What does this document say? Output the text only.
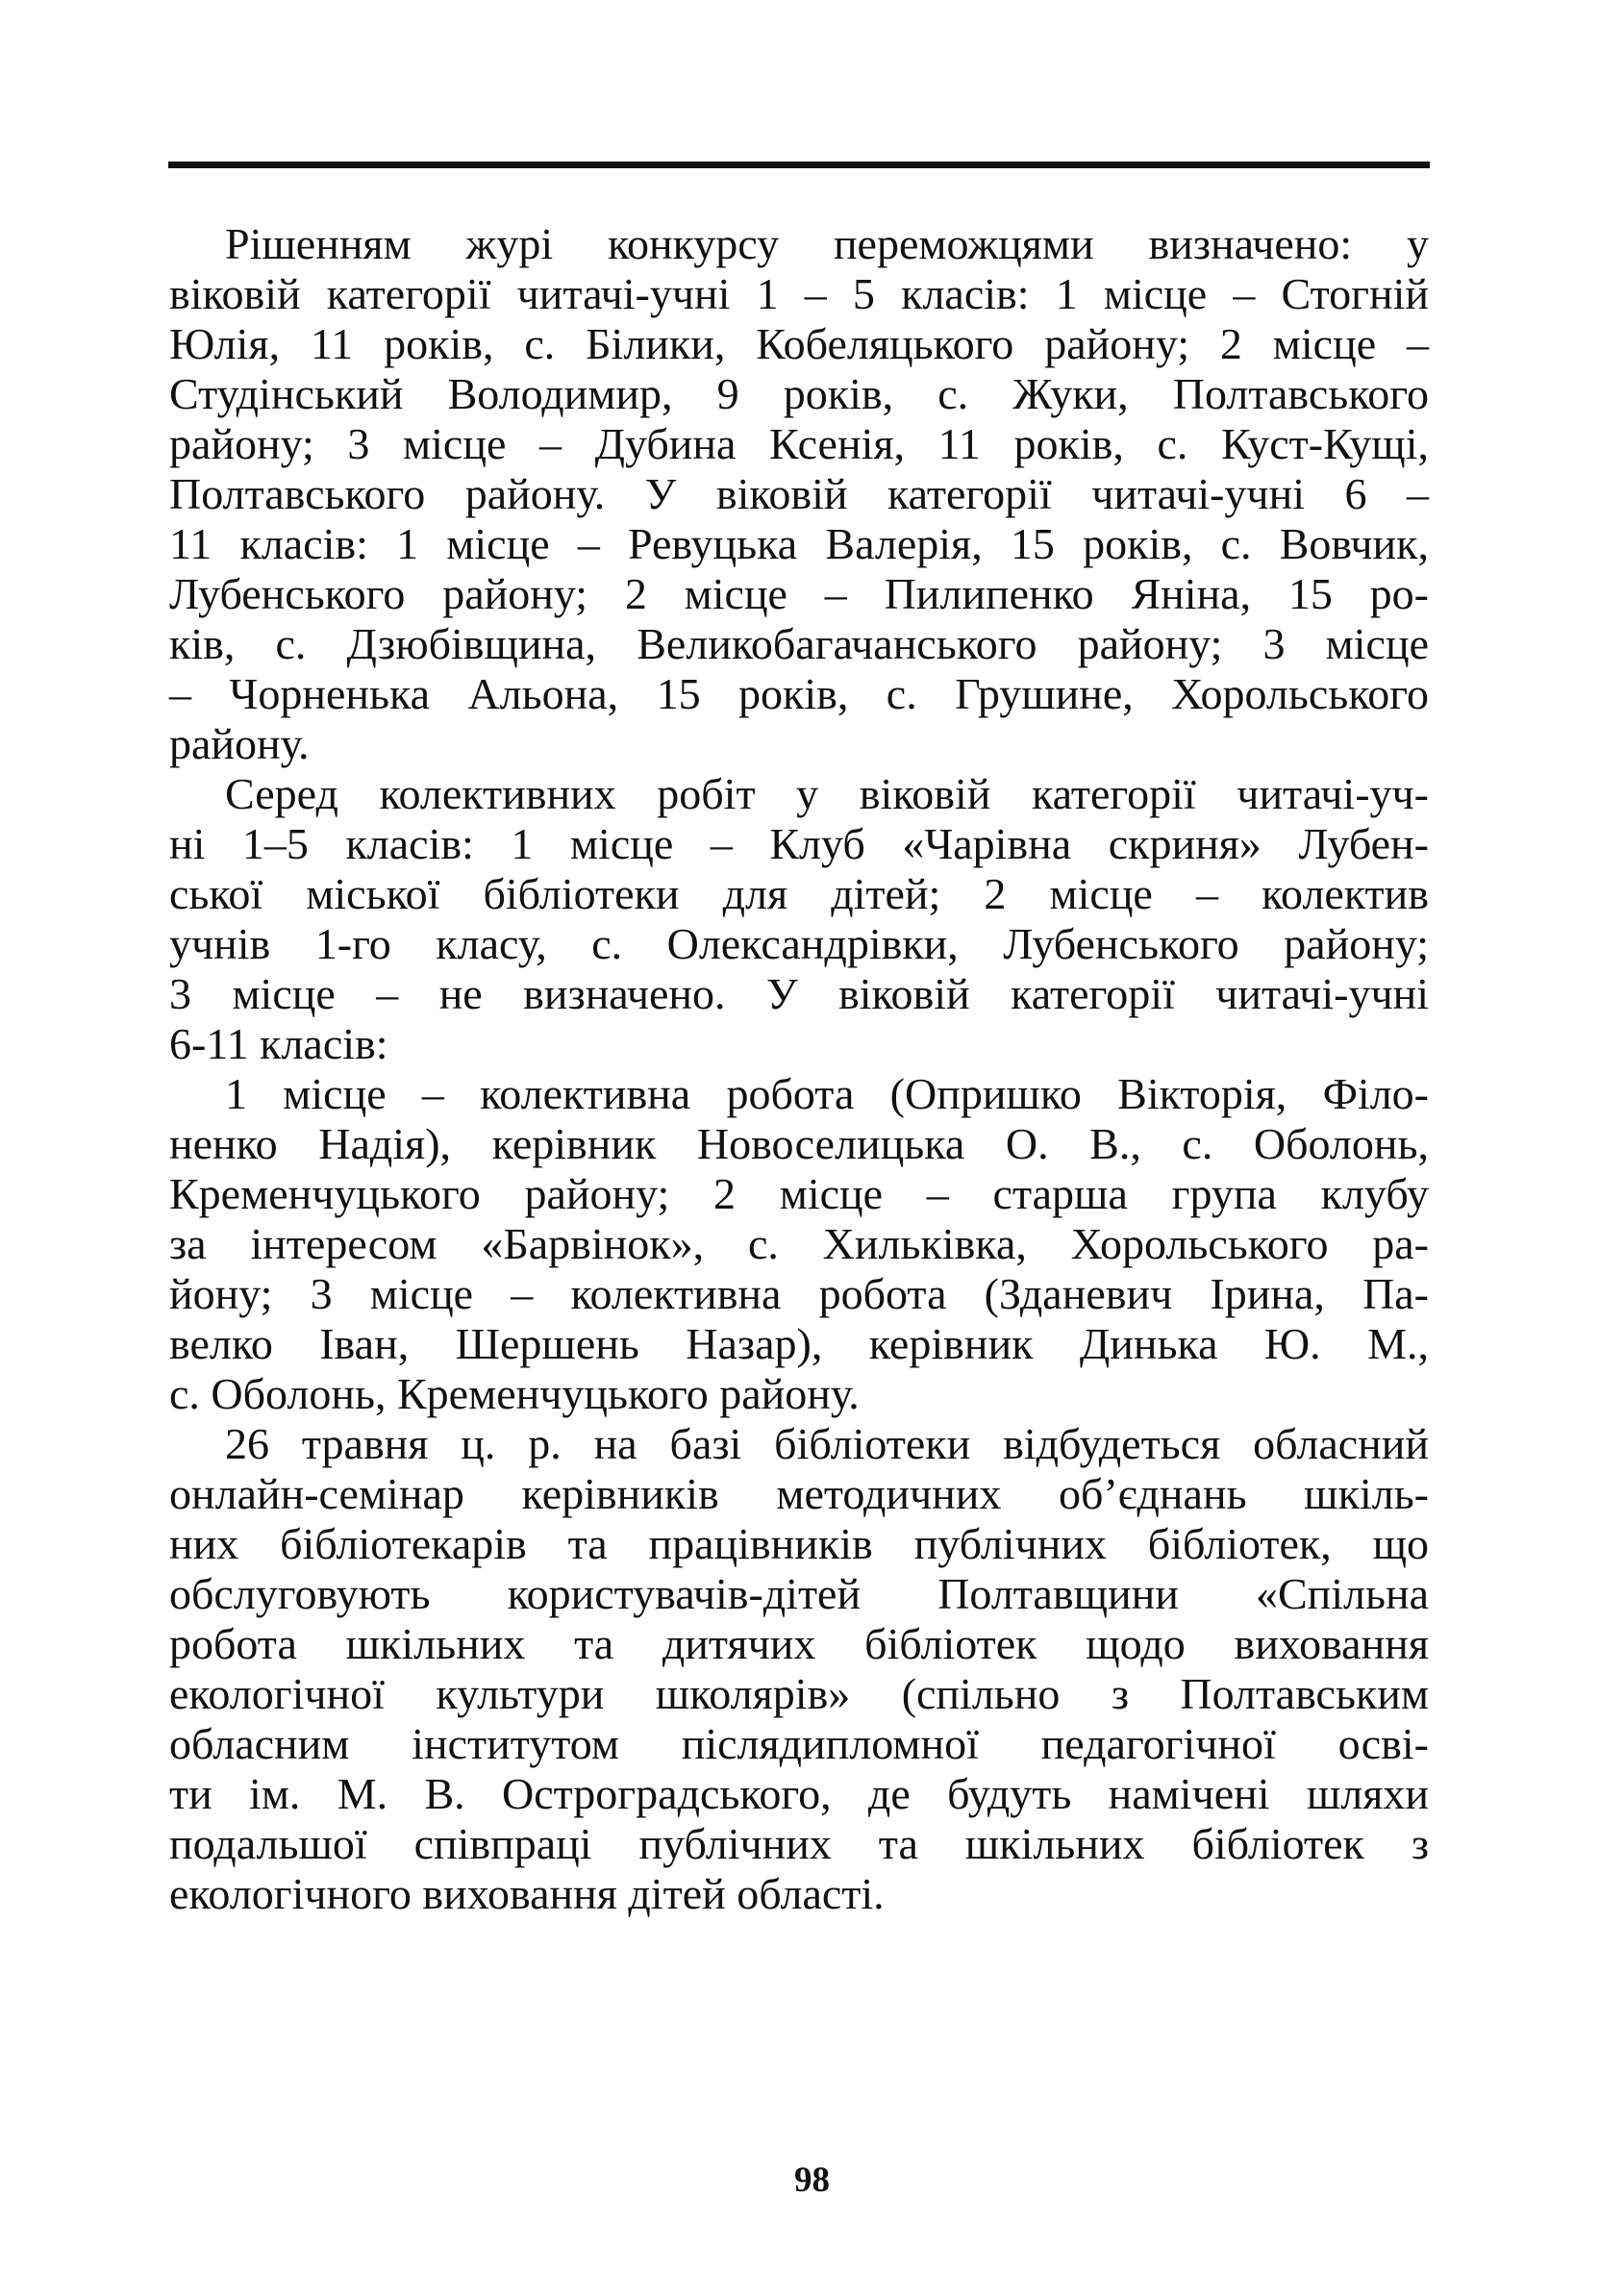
Рішенням журі конкурсу переможцями визначено: у
віковій категорії читачі-учні 1 – 5 класів: 1 місце – Стогній
Юлія, 11 років, с. Білики, Кобеляцького району; 2 місце –
Студінський Володимир, 9 років, с. Жуки, Полтавського
району; 3 місце – Дубина Ксенія, 11 років, с. Куст-Кущі,
Полтавського району. У віковій категорії читачі-учні 6 –
11 класів: 1 місце – Ревуцька Валерія, 15 років, с. Вовчик,
Лубенського району; 2 місце – Пилипенко Яніна, 15 ро-
ків, с. Дзюбівщина, Великобагачанського району; 3 місце
– Чорненька Альона, 15 років, с. Грушине, Хорольського
району.
Серед колективних робіт у віковій категорії читачі-уч-
ні 1–5 класів: 1 місце – Клуб «Чарівна скриня» Лубен-
ської міської бібліотеки для дітей; 2 місце – колектив
учнів 1-го класу, с. Олександрівки, Лубенського району;
3 місце – не визначено. У віковій категорії читачі-учні
6-11 класів:
1 місце – колективна робота (Опришко Вікторія, Філо-
ненко Надія), керівник Новоселицька О. В., с. Оболонь,
Кременчуцького району; 2 місце – старша група клубу
за інтересом «Барвінок», с. Хильківка, Хорольського ра-
йону; 3 місце – колективна робота (Зданевич Ірина, Па-
велко Іван, Шершень Назар), керівник Динька Ю. М.,
с. Оболонь, Кременчуцького району.
26 травня ц. р. на базі бібліотеки відбудеться обласний
онлайн-семінар керівників методичних об’єднань шкіль-
них бібліотекарів та працівників публічних бібліотек, що
обслуговують користувачів-дітей Полтавщини «Спільна
робота шкільних та дитячих бібліотек щодо виховання
екологічної культури школярів» (спільно з Полтавським
обласним інститутом післядипломної педагогічної осві-
ти ім. М. В. Остроградського, де будуть намічені шляхи
подальшої співпраці публічних та шкільних бібліотек з
екологічного виховання дітей області.
98
